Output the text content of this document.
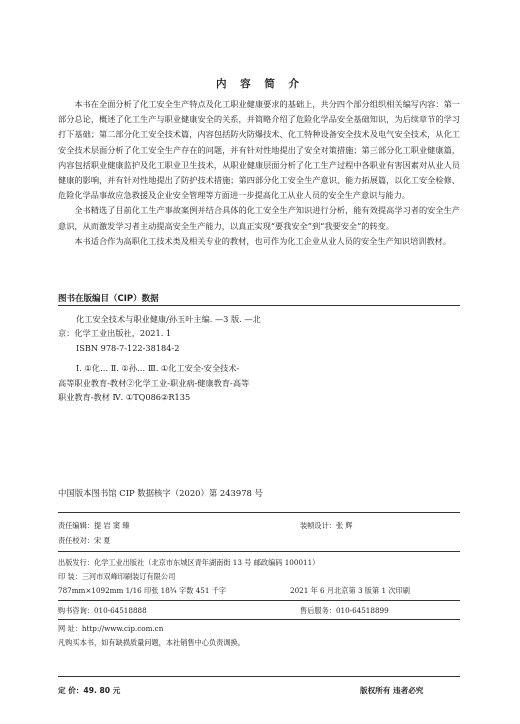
内 容 简 介

本书在全面分析了化工安全生产特点及化工职业健康要求的基础上，共分四个部分组织相关编写内容：第一部分总论，概述了化工生产与职业健康安全的关系，并简略介绍了危险化学品安全基础知识，为后续章节的学习打下基础；第二部分化工安全技术篇，内容包括防火防爆技术、化工特种设备安全技术及电气安全技术，从化工安全技术层面分析了化工安全生产存在的问题，并有针对性地提出了安全对策措施；第三部分化工职业健康篇，内容包括职业健康监护及化工职业卫生技术，从职业健康层面分析了化工生产过程中各职业有害因素对从业人员健康的影响，并有针对性地提出了防护技术措施；第四部分化工安全生产意识、能力拓展篇，以化工安全检修、危险化学品事故应急救援及企业安全管理等方面进一步提高化工从业人员的安全生产意识与能力。

全书精选了目前化工生产事故案例并结合具体的化工安全生产知识进行分析，能有效提高学习者的安全生产意识，从而激发学习者主动提高安全生产能力，以真正实现“要我安全”到“我要安全”的转变。

本书适合作为高职化工技术类及相关专业的教材，也可作为化工企业从业人员的安全生产知识培训教材。

图书在版编目（CIP）数据
化工安全技术与职业健康/孙玉叶主编. —3 版. —北
京：化学工业出版社，2021. 1
ISBN 978-7-122-38184-2
Ⅰ. ①化… Ⅱ. ①孙… Ⅲ. ①化工安全-安全技术-
高等职业教育-教材②化学工业-职业病-健康教育-高等
职业教育-教材 Ⅳ. ①TQ086②R135
中国版本图书馆 CIP 数据核字（2020）第 243978 号
责任编辑：提 岩 窦 臻	装帧设计：张 辉
责任校对：宋 夏
出版发行：化学工业出版社（北京市东城区青年湖南街 13 号 邮政编码 100011）
印 装：三河市双峰印刷装订有限公司
787mm×1092mm 1/16 印张 18¾ 字数 451 千字	2021 年 6 月北京第 3 版第 1 次印刷
购书咨询：010-64518888	售后服务：010-64518899
网 址：http://www.cip.com.cn
凡购买本书，如有缺损质量问题，本社销售中心负责调换。
定 价：49. 80 元	版权所有 违者必究
